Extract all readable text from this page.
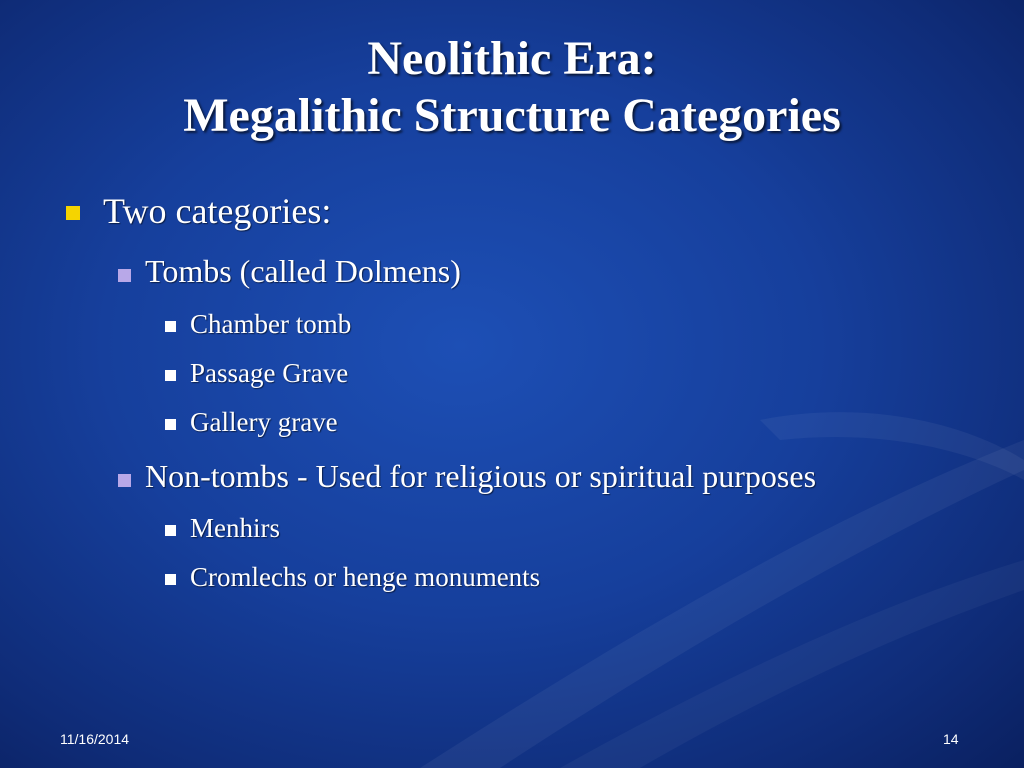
Neolithic Era:
Megalithic Structure Categories
Two categories:
Tombs (called Dolmens)
Chamber tomb
Passage Grave
Gallery grave
Non-tombs - Used for religious or spiritual purposes
Menhirs
Cromlechs or henge monuments
11/16/2014	14
